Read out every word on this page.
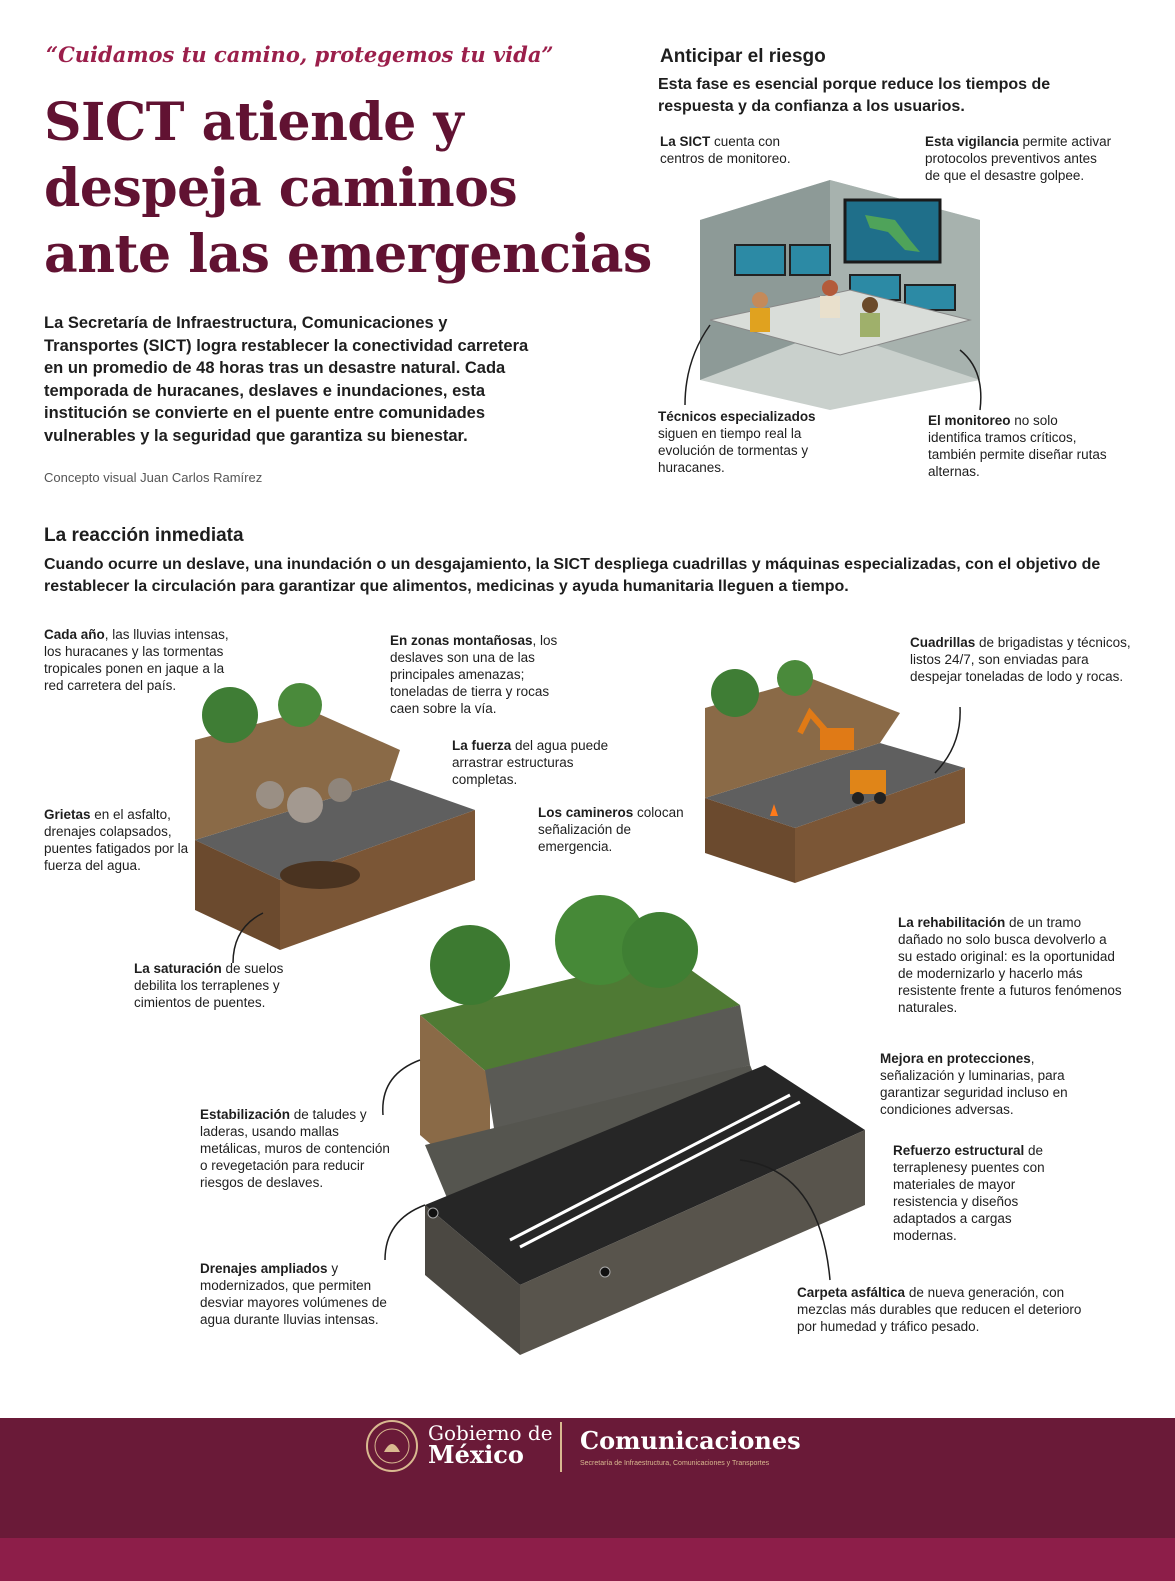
“Cuidamos tu camino, protegemos tu vida”
SICT atiende y
despeja caminos
ante las emergencias
La Secretaría de Infraestructura, Comunicaciones y Transportes (SICT) logra restablecer la conectividad carretera en un promedio de 48 horas tras un desastre natural. Cada temporada de huracanes, deslaves e inundaciones, esta institución se convierte en el puente entre comunidades vulnerables y la seguridad que garantiza su bienestar.
Concepto visual Juan Carlos Ramírez
Anticipar el riesgo
Esta fase es esencial porque reduce los tiempos de respuesta y da confianza a los usuarios.
La SICT cuenta con centros de monitoreo.
Esta vigilancia permite activar protocolos preventivos antes de que el desastre golpee.
Técnicos especializados siguen en tiempo real la evolución de tormentas y huracanes.
El monitoreo no solo identifica tramos críticos, también permite diseñar rutas alternas.
La reacción inmediata
Cuando ocurre un deslave, una inundación o un desgajamiento, la SICT despliega cuadrillas y máquinas especializadas, con el objetivo de restablecer la circulación para garantizar que alimentos, medicinas y ayuda humanitaria lleguen a tiempo.
Cada año, las lluvias intensas, los huracanes y las tormentas tropicales ponen en jaque a la red carretera del país.
En zonas montañosas, los deslaves son una de las principales amenazas; toneladas de tierra y rocas caen sobre la vía.
Cuadrillas de brigadistas y técnicos, listos 24/7, son enviadas para despejar toneladas de lodo y rocas.
La fuerza del agua puede arrastrar estructuras completas.
Grietas en el asfalto, drenajes colapsados, puentes fatigados por la fuerza del agua.
Los camineros colocan señalización de emergencia.
La saturación de suelos debilita los terraplenes y cimientos de puentes.
La rehabilitación de un tramo dañado no solo busca devolverlo a su estado original: es la oportunidad de modernizarlo y hacerlo más resistente frente a futuros fenómenos naturales.
Mejora en protecciones, señalización y luminarias, para garantizar seguridad incluso en condiciones adversas.
Estabilización de taludes y laderas, usando mallas metálicas, muros de contención o revegetación para reducir riesgos de deslaves.
Refuerzo estructural de terraplenesy puentes con materiales de mayor resistencia y diseños adaptados a cargas modernas.
Drenajes ampliados y modernizados, que permiten desviar mayores volúmenes de agua durante lluvias intensas.
Carpeta asfáltica de nueva generación, con mezclas más durables que reducen el deterioro por humedad y tráfico pesado.
Gobierno de
México	Comunicaciones
Secretaría de Infraestructura, Comunicaciones y Transportes
